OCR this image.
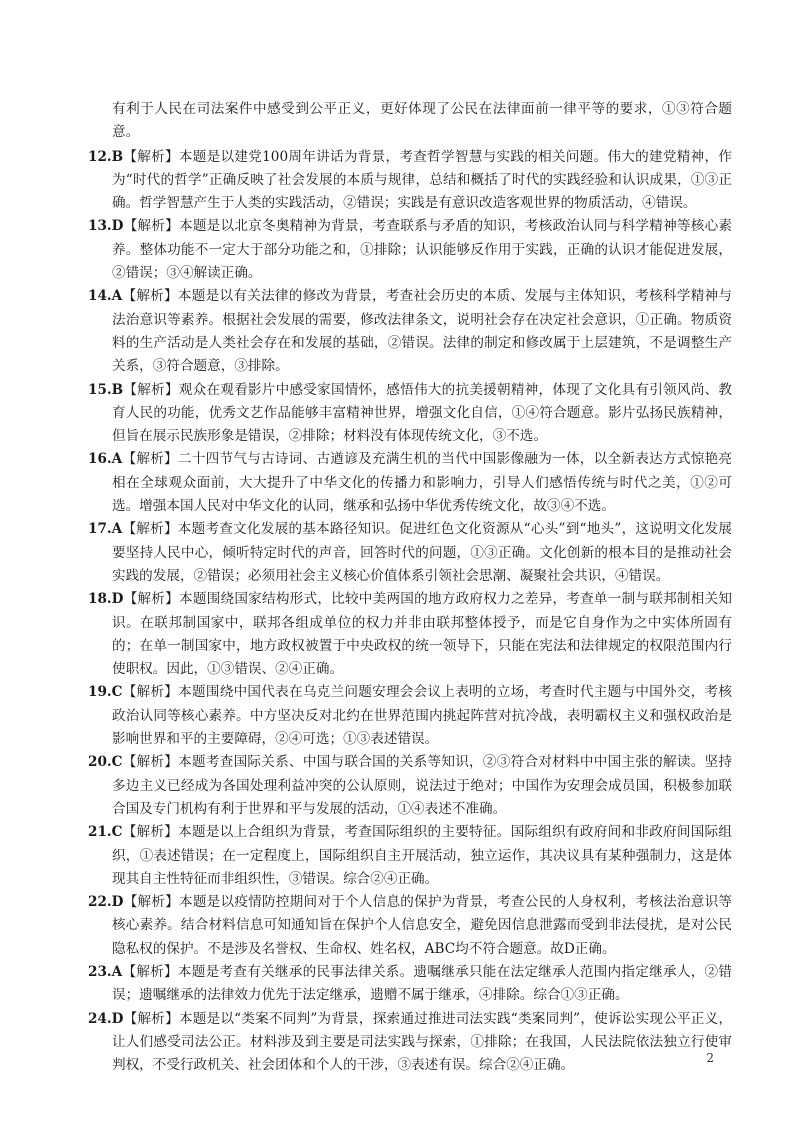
有利于人民在司法案件中感受到公平正义，更好体现了公民在法律面前一律平等的要求，①③符合题意。

12.B【解析】本题是以建党100周年讲话为背景，考查哲学智慧与实践的相关问题。伟大的建党精神，作为“时代的哲学”正确反映了社会发展的本质与规律，总结和概括了时代的实践经验和认识成果，①③正确。哲学智慧产生于人类的实践活动，②错误；实践是有意识改造客观世界的物质活动，④错误。

13.D【解析】本题是以北京冬奥精神为背景，考查联系与矛盾的知识，考核政治认同与科学精神等核心素养。整体功能不一定大于部分功能之和，①排除；认识能够反作用于实践，正确的认识才能促进发展，②错误；③④解读正确。

14.A【解析】本题是以有关法律的修改为背景，考查社会历史的本质、发展与主体知识，考核科学精神与法治意识等素养。根据社会发展的需要，修改法律条文，说明社会存在决定社会意识，①正确。物质资料的生产活动是人类社会存在和发展的基础，②错误。法律的制定和修改属于上层建筑，不是调整生产关系，③符合题意，③排除。

15.B【解析】观众在观看影片中感受家国情怀，感悟伟大的抗美援朝精神，体现了文化具有引领风尚、教育人民的功能，优秀文艺作品能够丰富精神世界，增强文化自信，①④符合题意。影片弘扬民族精神，但旨在展示民族形象是错误，②排除；材料没有体现传统文化，③不选。

16.A【解析】二十四节气与古诗词、古遒谚及充满生机的当代中国影像融为一体，以全新表达方式惊艳亮相在全球观众面前，大大提升了中华文化的传播力和影响力，引导人们感悟传统与时代之美，①②可选。增强本国人民对中华文化的认同，继承和弘扬中华优秀传统文化，故③④不选。

17.A【解析】本题考查文化发展的基本路径知识。促进红色文化资源从“心头”到“地头”，这说明文化发展要坚持人民中心，倾听特定时代的声音，回答时代的问题，①③正确。文化创新的根本目的是推动社会实践的发展，②错误；必须用社会主义核心价值体系引领社会思潮、凝聚社会共识，④错误。

18.D【解析】本题围绕国家结构形式，比较中美两国的地方政府权力之差异，考查单一制与联邦制相关知识。在联邦制国家中，联邦各组成单位的权力并非由联邦整体授予，而是它自身作为之中实体所固有的；在单一制国家中，地方政权被置于中央政权的统一领导下，只能在宪法和法律规定的权限范围内行使职权。因此，①③错误、②④正确。

19.C【解析】本题围绕中国代表在乌克兰问题安理会会议上表明的立场，考查时代主题与中国外交，考核政治认同等核心素养。中方坚决反对北约在世界范围内挑起阵营对抗冷战，表明霸权主义和强权政治是影响世界和平的主要障碍，②④可选；①③表述错误。

20.C【解析】本题考查国际关系、中国与联合国的关系等知识，②③符合对材料中中国主张的解读。坚持多边主义已经成为各国处理利益冲突的公认原则，说法过于绝对；中国作为安理会成员国，积极参加联合国及专门机构有利于世界和平与发展的活动，①④表述不准确。

21.C【解析】本题是以上合组织为背景，考查国际组织的主要特征。国际组织有政府间和非政府间国际组织，①表述错误；在一定程度上，国际组织自主开展活动，独立运作，其决议具有某种强制力，这是体现其自主性特征而非组织性，③错误。综合②④正确。

22.D【解析】本题是以疫情防控期间对于个人信息的保护为背景，考查公民的人身权利，考核法治意识等核心素养。结合材料信息可知通知旨在保护个人信息安全，避免因信息泄露而受到非法侵扰，是对公民隐私权的保护。不是涉及名誉权、生命权、姓名权，ABC均不符合题意。故D正确。

23.A【解析】本题是考查有关继承的民事法律关系。遗嘱继承只能在法定继承人范围内指定继承人，②错误；遗嘱继承的法律效力优先于法定继承，遗赠不属于继承，④排除。综合①③正确。

24.D【解析】本题是以“类案不同判”为背景，探索通过推进司法实践“类案同判”，使诉讼实现公平正义，让人们感受司法公正。材料涉及到主要是司法实践与探索，①排除；在我国，人民法院依法独立行使审判权，不受行政机关、社会团体和个人的干涉，③表述有误。综合②④正确。	2
